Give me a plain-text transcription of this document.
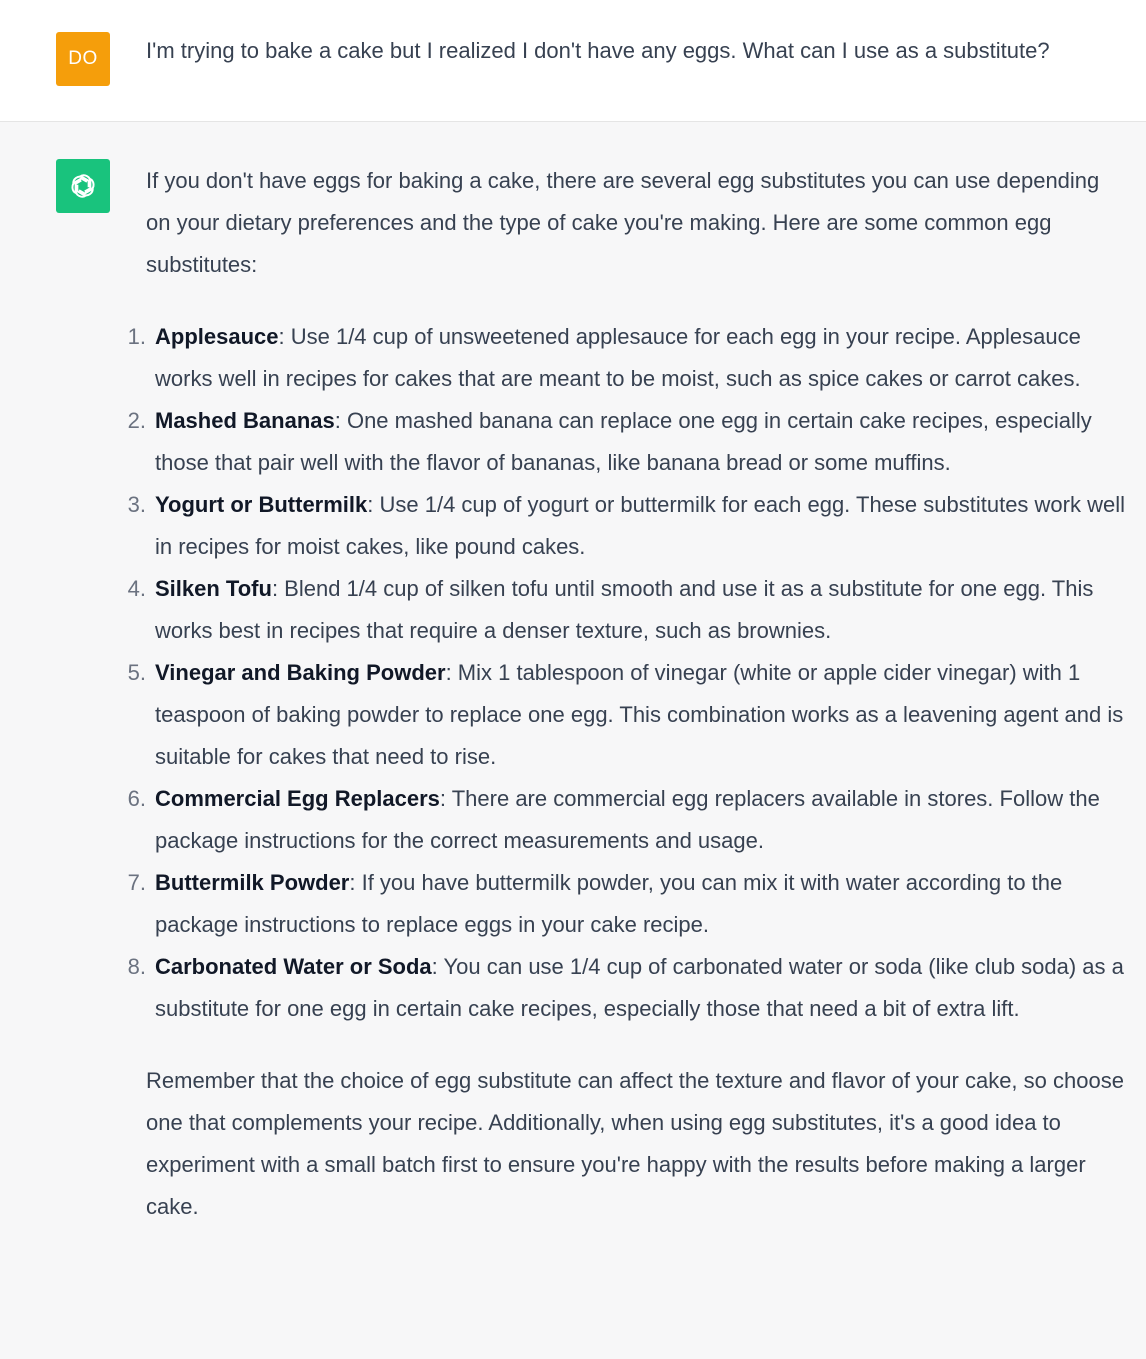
DO	I'm trying to bake a cake but I realized I don't have any eggs. What can I use as a substitute?

If you don't have eggs for baking a cake, there are several egg substitutes you can use depending on your dietary preferences and the type of cake you're making. Here are some common egg substitutes:

1. Applesauce: Use 1/4 cup of unsweetened applesauce for each egg in your recipe. Applesauce works well in recipes for cakes that are meant to be moist, such as spice cakes or carrot cakes.
2. Mashed Bananas: One mashed banana can replace one egg in certain cake recipes, especially those that pair well with the flavor of bananas, like banana bread or some muffins.
3. Yogurt or Buttermilk: Use 1/4 cup of yogurt or buttermilk for each egg. These substitutes work well in recipes for moist cakes, like pound cakes.
4. Silken Tofu: Blend 1/4 cup of silken tofu until smooth and use it as a substitute for one egg. This works best in recipes that require a denser texture, such as brownies.
5. Vinegar and Baking Powder: Mix 1 tablespoon of vinegar (white or apple cider vinegar) with 1 teaspoon of baking powder to replace one egg. This combination works as a leavening agent and is suitable for cakes that need to rise.
6. Commercial Egg Replacers: There are commercial egg replacers available in stores. Follow the package instructions for the correct measurements and usage.
7. Buttermilk Powder: If you have buttermilk powder, you can mix it with water according to the package instructions to replace eggs in your cake recipe.
8. Carbonated Water or Soda: You can use 1/4 cup of carbonated water or soda (like club soda) as a substitute for one egg in certain cake recipes, especially those that need a bit of extra lift.

Remember that the choice of egg substitute can affect the texture and flavor of your cake, so choose one that complements your recipe. Additionally, when using egg substitutes, it's a good idea to experiment with a small batch first to ensure you're happy with the results before making a larger cake.
